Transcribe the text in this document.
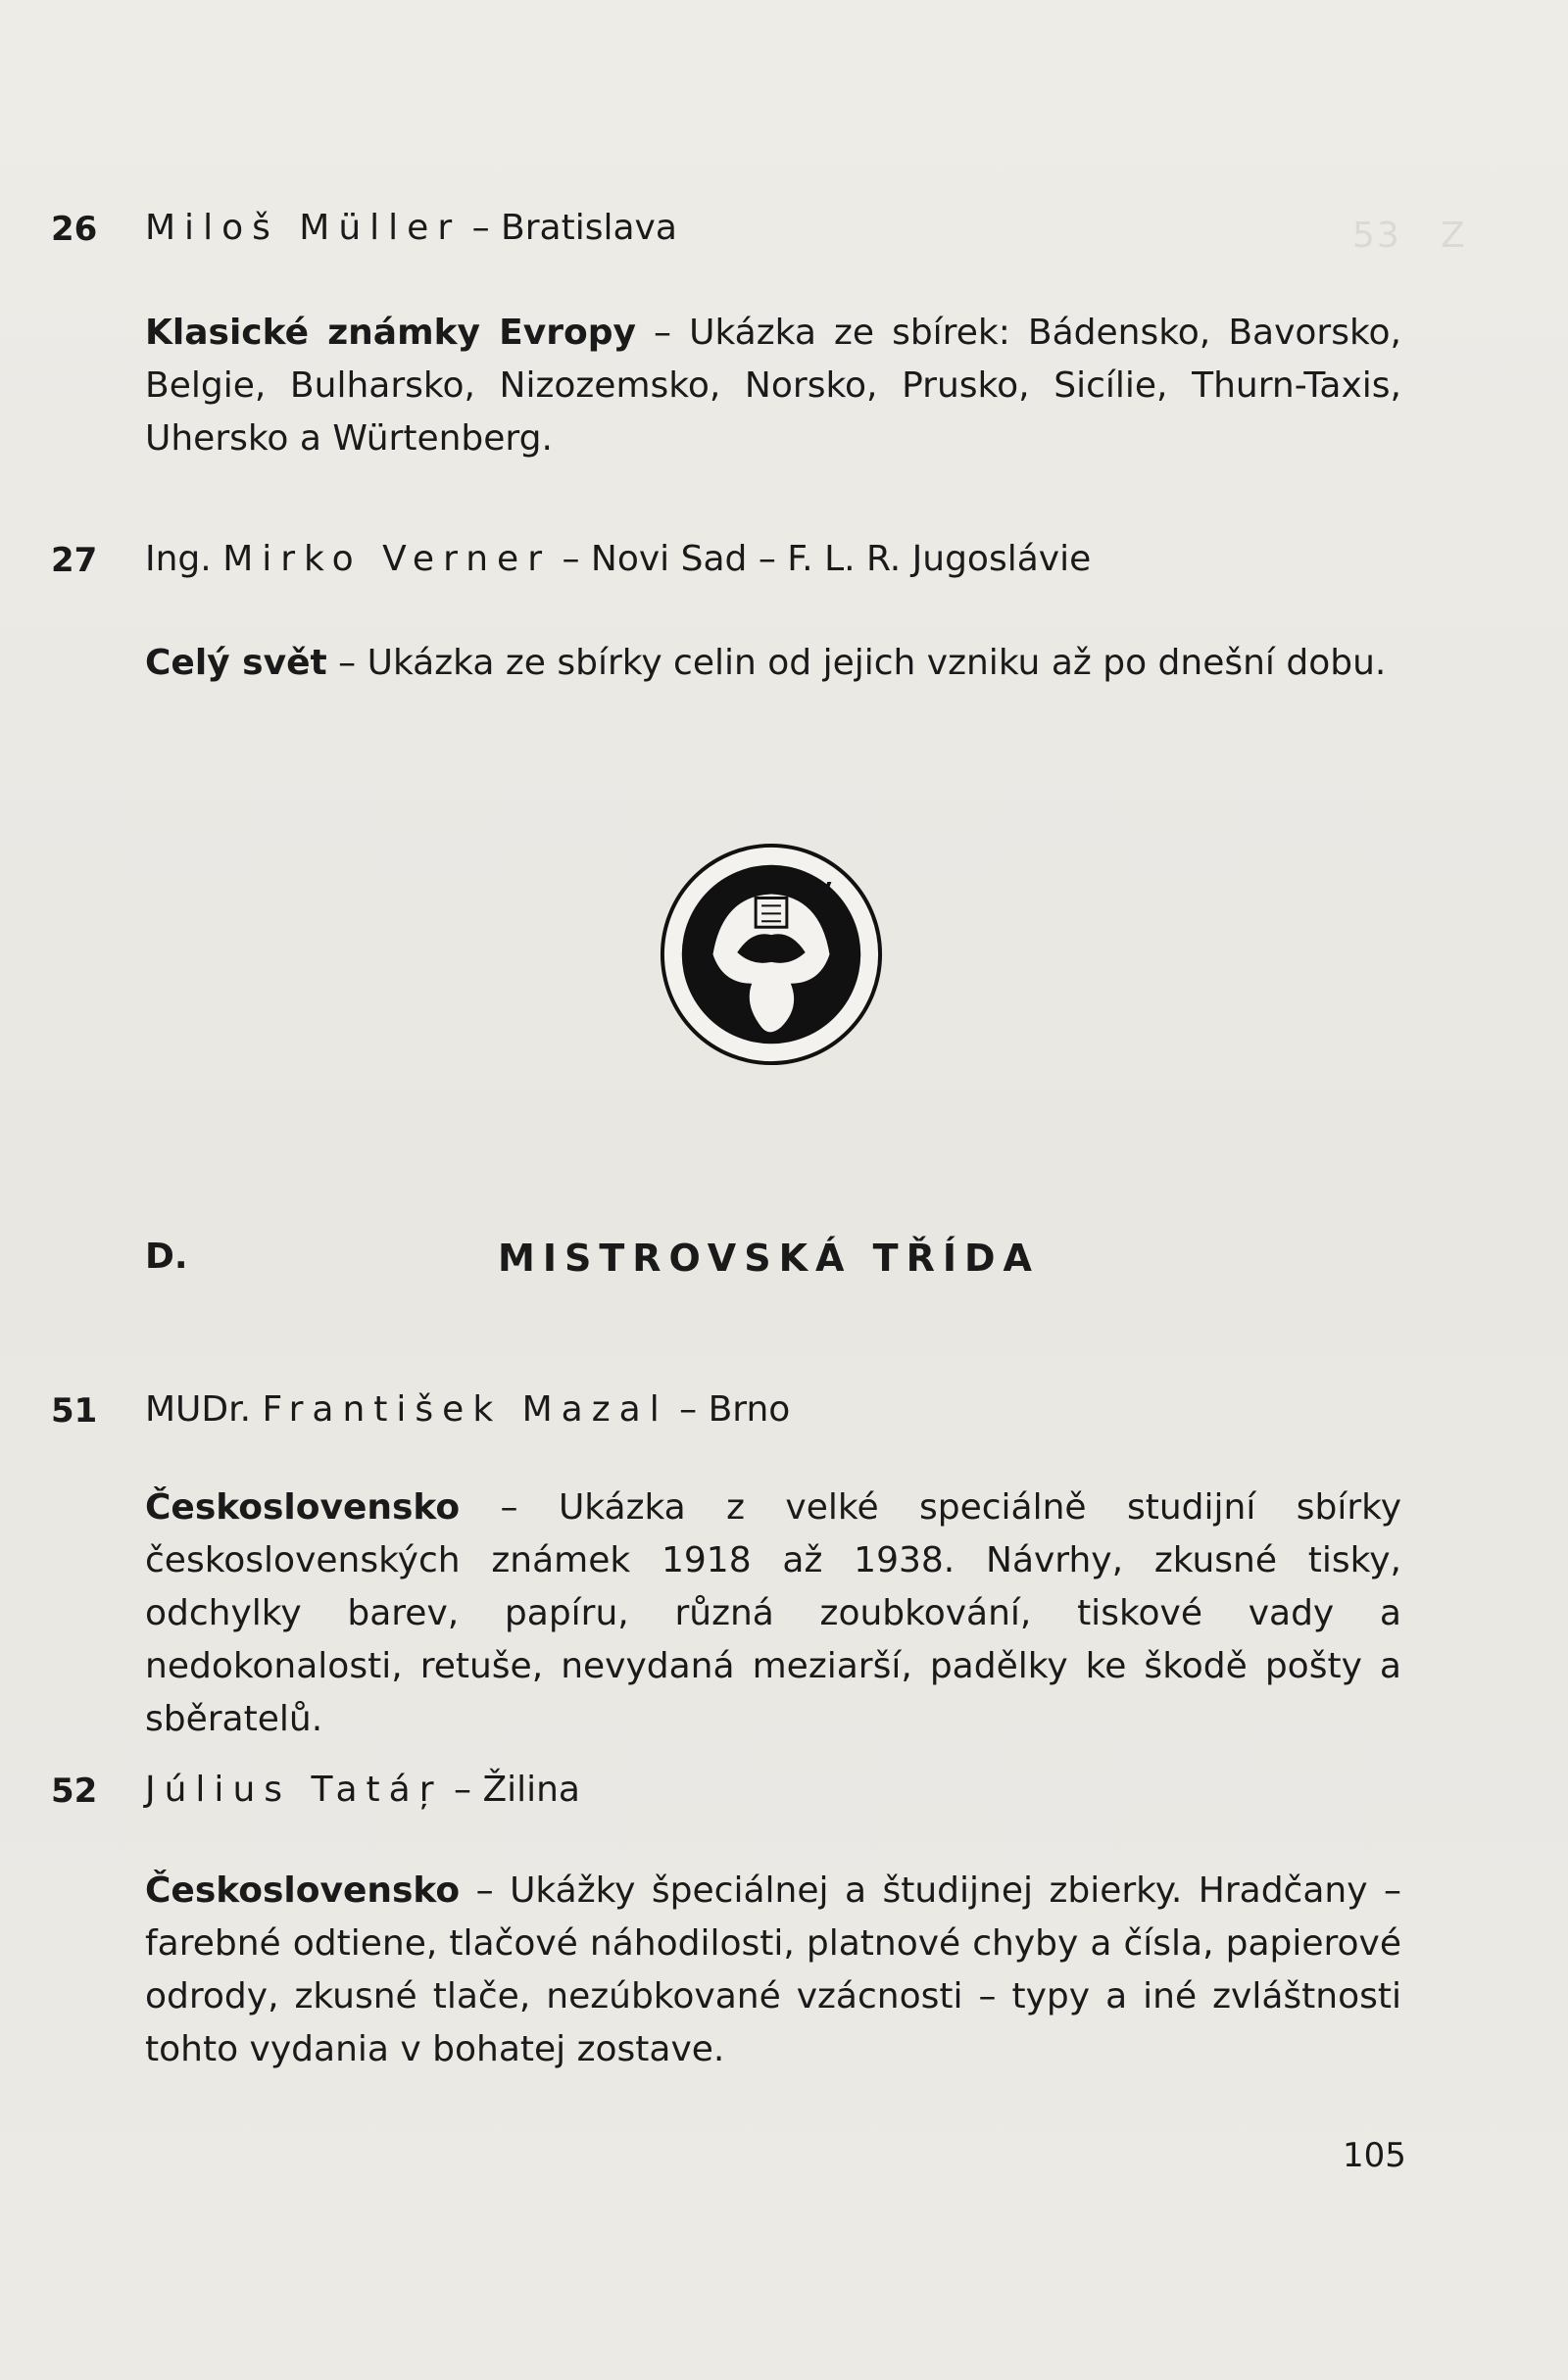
53 Z
26 Miloš Müller – Bratislava
Klasické známky Evropy – Ukázka ze sbírek: Bádensko, Bavorsko, Belgie, Bulharsko, Nizozemsko, Norsko, Prusko, Sicílie, Thurn-Taxis, Uhersko a Würtenberg.
27 Ing. Mirko Verner – Novi Sad – F. L. R. Jugoslávie
Celý svět – Ukázka ze sbírky celin od jejich vzniku až po dnešní dobu.
P	V
B	O
D.	MISTROVSKÁ TŘÍDA
51 MUDr. František Mazal – Brno
Československo – Ukázka z velké speciálně studijní sbírky československých známek 1918 až 1938. Návrhy, zkusné tisky, odchylky barev, papíru, různá zoubkování, tiskové vady a nedokonalosti, retuše, nevydaná meziarší, padělky ke škodě pošty a sběratelů.
52 Július Tatáŗ – Žilina
Československo – Ukážky špeciálnej a študijnej zbierky. Hradčany – farebné odtiene, tlačové náhodilosti, platnové chyby a čísla, papierové odrody, zkusné tlače, nezúbkované vzácnosti – typy a iné zvláštnosti tohto vydania v bohatej zostave.
105
